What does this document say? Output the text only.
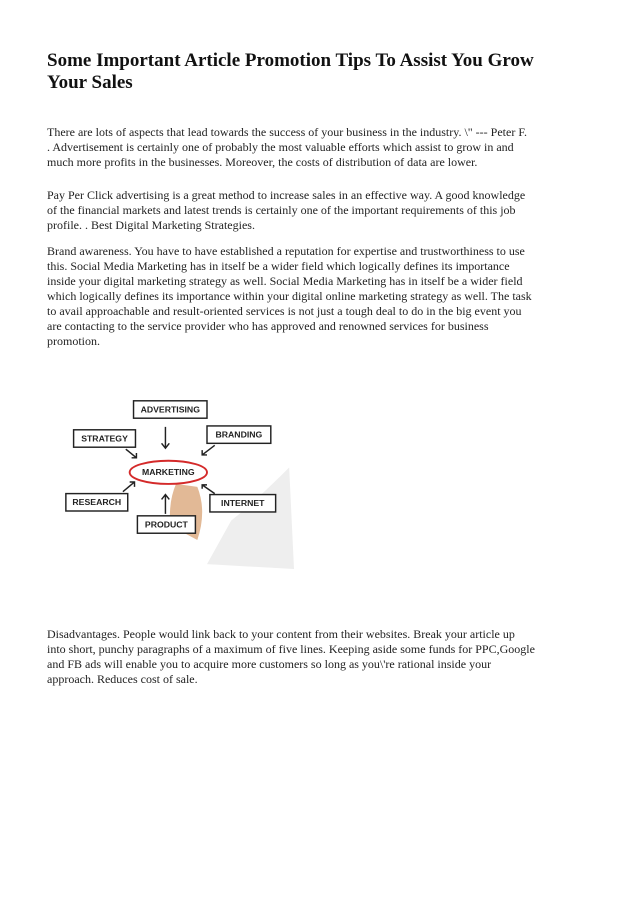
Some Important Article Promotion Tips To Assist You Grow
Your Sales
There are lots of aspects that lead towards the success of your business in the industry. \" --- Peter F.
. Advertisement is certainly one of probably the most valuable efforts which assist to grow in and
much more profits in the businesses. Moreover, the costs of distribution of data are lower.
Pay Per Click advertising is a great method to increase sales in an effective way. A good knowledge
of the financial markets and latest trends is certainly one of the important requirements of this job
profile. . Best Digital Marketing Strategies.
Brand awareness. You have to have established a reputation for expertise and trustworthiness to use
this. Social Media Marketing has in itself be a wider field which logically defines its importance
inside your digital marketing strategy as well. Social Media Marketing has in itself be a wider field
which logically defines its importance within your digital online marketing strategy as well. The task
to avail approachable and result-oriented services is not just a tough deal to do in the big event you
are contacting to the service provider who has approved and renowned services for business
promotion.
ADVERTISING
STRATEGY	BRANDING
RESEARCH	INTERNET
PRODUCT
MARKETING
Disadvantages. People would link back to your content from their websites. Break your article up
into short, punchy paragraphs of a maximum of five lines. Keeping aside some funds for PPC,Google
and FB ads will enable you to acquire more customers so long as you\'re rational inside your
approach. Reduces cost of sale.
